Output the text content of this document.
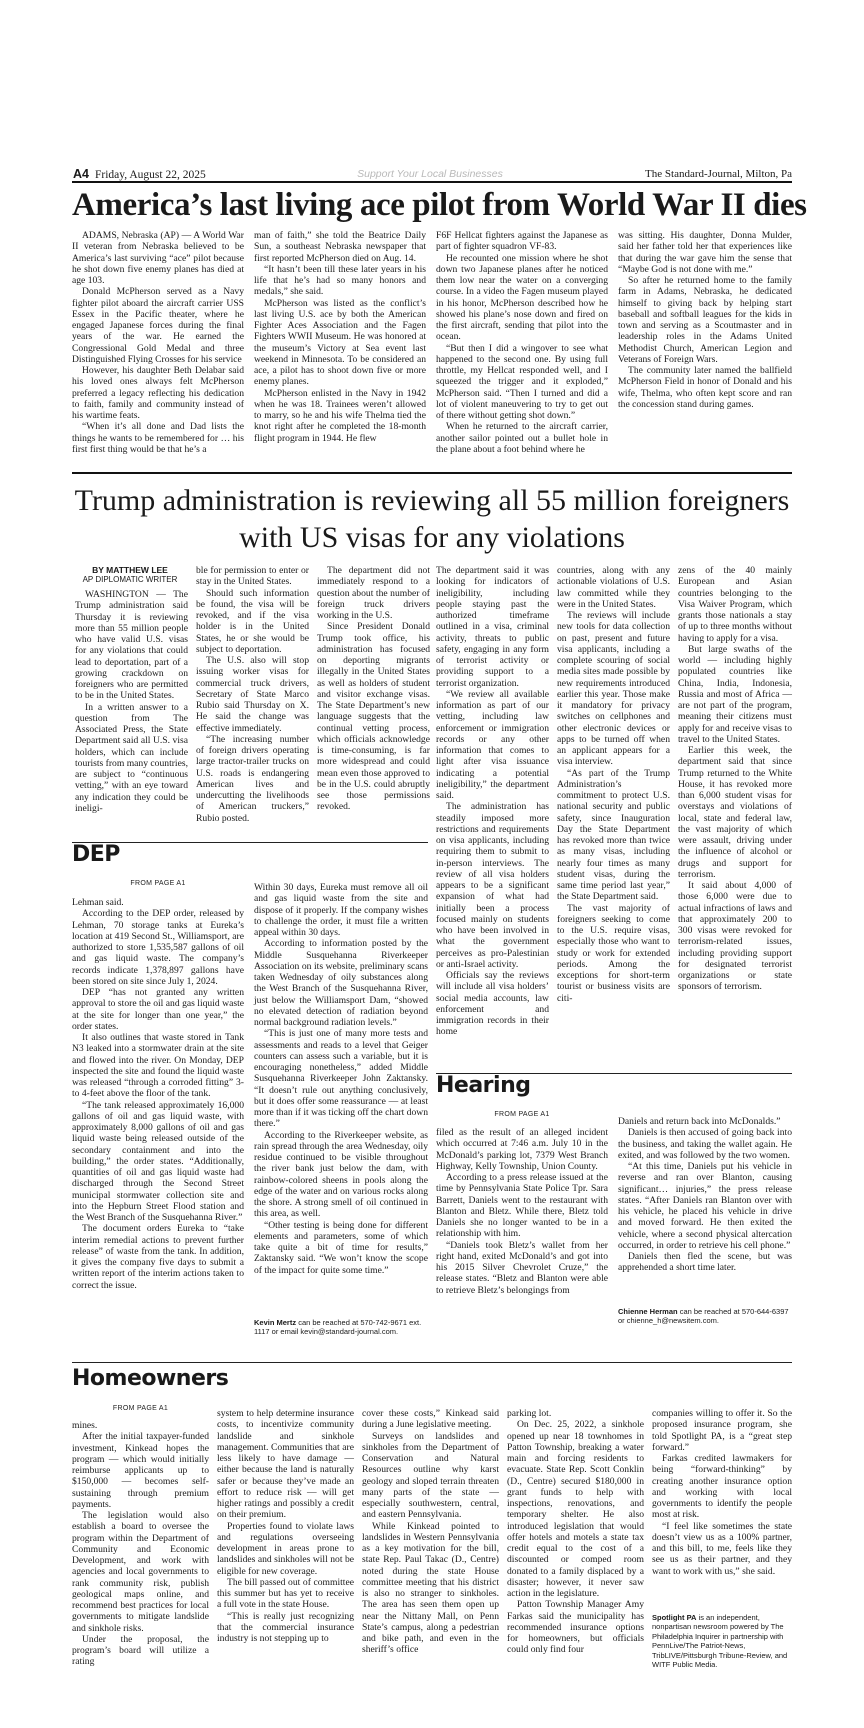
A4 Friday, August 22, 2025	Support Your Local Businesses	The Standard-Journal, Milton, Pa
America’s last living ace pilot from World War II dies

ADAMS, Nebraska (AP) — A World War II veteran from Nebraska believed to be America’s last surviving “ace” pilot because he shot down five enemy planes has died at age 103.

Donald McPherson served as a Navy fighter pilot aboard the aircraft carrier USS Essex in the Pacific theater, where he engaged Japanese forces during the final years of the war. He earned the Congressional Gold Medal and three Distinguished Flying Crosses for his service

However, his daughter Beth Delabar said his loved ones always felt McPherson preferred a legacy reflecting his dedication to faith, family and community instead of his wartime feats.

“When it’s all done and Dad lists the things he wants to be remembered for … his first first thing would be that he’s a

man of faith,” she told the Beatrice Daily Sun, a southeast Nebraska newspaper that first reported McPherson died on Aug. 14.

“It hasn’t been till these later years in his life that he’s had so many honors and medals,” she said.

McPherson was listed as the conflict’s last living U.S. ace by both the American Fighter Aces Association and the Fagen Fighters WWII Museum. He was honored at the museum’s Victory at Sea event last weekend in Minnesota. To be considered an ace, a pilot has to shoot down five or more enemy planes.

McPherson enlisted in the Navy in 1942 when he was 18. Trainees weren’t allowed to marry, so he and his wife Thelma tied the knot right after he completed the 18-month flight program in 1944. He flew

F6F Hellcat fighters against the Japanese as part of fighter squadron VF-83.

He recounted one mission where he shot down two Japanese planes after he noticed them low near the water on a converging course. In a video the Fagen museum played in his honor, McPherson described how he showed his plane’s nose down and fired on the first aircraft, sending that pilot into the ocean.

“But then I did a wingover to see what happened to the second one. By using full throttle, my Hellcat responded well, and I squeezed the trigger and it exploded,” McPherson said. “Then I turned and did a lot of violent maneuvering to try to get out of there without getting shot down.”

When he returned to the aircraft carrier, another sailor pointed out a bullet hole in the plane about a foot behind where he

was sitting. His daughter, Donna Mulder, said her father told her that experiences like that during the war gave him the sense that “Maybe God is not done with me.”

So after he returned home to the family farm in Adams, Nebraska, he dedicated himself to giving back by helping start baseball and softball leagues for the kids in town and serving as a Scoutmaster and in leadership roles in the Adams United Methodist Church, American Legion and Veterans of Foreign Wars.

The community later named the ballfield McPherson Field in honor of Donald and his wife, Thelma, who often kept score and ran the concession stand during games.

Trump administration is reviewing all 55 million foreigners
with US visas for any violations
BY MATTHEW LEE
AP DIPLOMATIC WRITER

WASHINGTON — The Trump administration said Thursday it is reviewing more than 55 million people who have valid U.S. visas for any violations that could lead to deportation, part of a growing crackdown on foreigners who are permitted to be in the United States.

In a written answer to a question from The Associated Press, the State Department said all U.S. visa holders, which can include tourists from many countries, are subject to “continuous vetting,” with an eye toward any indication they could be ineligi-

ble for permission to enter or stay in the United States.

Should such information be found, the visa will be revoked, and if the visa holder is in the United States, he or she would be subject to deportation.

The U.S. also will stop issuing worker visas for commercial truck drivers, Secretary of State Marco Rubio said Thursday on X. He said the change was effective immediately.

“The increasing number of foreign drivers operating large tractor-trailer trucks on U.S. roads is endangering American lives and undercutting the livelihoods of American truckers,” Rubio posted.

The department did not immediately respond to a question about the number of foreign truck drivers working in the U.S.

Since President Donald Trump took office, his administration has focused on deporting migrants illegally in the United States as well as holders of student and visitor exchange visas. The State Department’s new language suggests that the continual vetting process, which officials acknowledge is time-consuming, is far more widespread and could mean even those approved to be in the U.S. could abruptly see those permissions revoked.

The department said it was looking for indicators of ineligibility, including people staying past the authorized timeframe outlined in a visa, criminal activity, threats to public safety, engaging in any form of terrorist activity or providing support to a terrorist organization.

“We review all available information as part of our vetting, including law enforcement or immigration records or any other information that comes to light after visa issuance indicating a potential ineligibility,” the department said.

The administration has steadily imposed more restrictions and requirements on visa applicants, including requiring them to submit to in-person interviews. The review of all visa holders appears to be a significant expansion of what had initially been a process focused mainly on students who have been involved in what the government perceives as pro-Palestinian or anti-Israel activity.

Officials say the reviews will include all visa holders’ social media accounts, law enforcement and immigration records in their home

countries, along with any actionable violations of U.S. law committed while they were in the United States.

The reviews will include new tools for data collection on past, present and future visa applicants, including a complete scouring of social media sites made possible by new requirements introduced earlier this year. Those make it mandatory for privacy switches on cellphones and other electronic devices or apps to be turned off when an applicant appears for a visa interview.

“As part of the Trump Administration’s commitment to protect U.S. national security and public safety, since Inauguration Day the State Department has revoked more than twice as many visas, including nearly four times as many student visas, during the same time period last year,” the State Department said.

The vast majority of foreigners seeking to come to the U.S. require visas, especially those who want to study or work for extended periods. Among the exceptions for short-term tourist or business visits are citi-

zens of the 40 mainly European and Asian countries belonging to the Visa Waiver Program, which grants those nationals a stay of up to three months without having to apply for a visa.

But large swaths of the world — including highly populated countries like China, India, Indonesia, Russia and most of Africa — are not part of the program, meaning their citizens must apply for and receive visas to travel to the United States.

Earlier this week, the department said that since Trump returned to the White House, it has revoked more than 6,000 student visas for overstays and violations of local, state and federal law, the vast majority of which were assault, driving under the influence of alcohol or drugs and support for terrorism.

It said about 4,000 of those 6,000 were due to actual infractions of laws and that approximately 200 to 300 visas were revoked for terrorism-related issues, including providing support for designated terrorist organizations or state sponsors of terrorism.

DEP
FROM PAGE A1

Lehman said.

According to the DEP order, released by Lehman, 70 storage tanks at Eureka’s location at 419 Second St., Williamsport, are authorized to store 1,535,587 gallons of oil and gas liquid waste. The company’s records indicate 1,378,897 gallons have been stored on site since July 1, 2024.

DEP “has not granted any written approval to store the oil and gas liquid waste at the site for longer than one year,” the order states.

It also outlines that waste stored in Tank N3 leaked into a stormwater drain at the site and flowed into the river. On Monday, DEP inspected the site and found the liquid waste was released “through a corroded fitting” 3- to 4-feet above the floor of the tank.

“The tank released approximately 16,000 gallons of oil and gas liquid waste, with approximately 8,000 gallons of oil and gas liquid waste being released outside of the secondary containment and into the building,” the order states. “Additionally, quantities of oil and gas liquid waste had discharged through the Second Street municipal stormwater collection site and into the Hepburn Street Flood station and the West Branch of the Susquehanna River.”

The document orders Eureka to “take interim remedial actions to prevent further release” of waste from the tank. In addition, it gives the company five days to submit a written report of the interim actions taken to correct the issue.

Within 30 days, Eureka must remove all oil and gas liquid waste from the site and dispose of it properly. If the company wishes to challenge the order, it must file a written appeal within 30 days.

According to information posted by the Middle Susquehanna Riverkeeper Association on its website, preliminary scans taken Wednesday of oily substances along the West Branch of the Susquehanna River, just below the Williamsport Dam, “showed no elevated detection of radiation beyond normal background radiation levels.”

“This is just one of many more tests and assessments and reads to a level that Geiger counters can assess such a variable, but it is encouraging nonetheless,” added Middle Susquehanna Riverkeeper John Zaktansky. “It doesn’t rule out anything conclusively, but it does offer some reassurance — at least more than if it was ticking off the chart down there.”

According to the Riverkeeper website, as rain spread through the area Wednesday, oily residue continued to be visible throughout the river bank just below the dam, with rainbow-colored sheens in pools along the edge of the water and on various rocks along the shore. A strong smell of oil continued in this area, as well.

“Other testing is being done for different elements and parameters, some of which take quite a bit of time for results,” Zaktansky said. “We won’t know the scope of the impact for quite some time.”

Kevin Mertz can be reached at 570-742-9671 ext. 1117 or email kevin@standard-journal.com.
Hearing
FROM PAGE A1

filed as the result of an alleged incident which occurred at 7:46 a.m. July 10 in the McDonald’s parking lot, 7379 West Branch Highway, Kelly Township, Union County.

According to a press release issued at the time by Pennsylvania State Police Tpr. Sara Barrett, Daniels went to the restaurant with Blanton and Bletz. While there, Bletz told Daniels she no longer wanted to be in a relationship with him.

“Daniels took Bletz’s wallet from her right hand, exited McDonald’s and got into his 2015 Silver Chevrolet Cruze,” the release states. “Bletz and Blanton were able to retrieve Bletz’s belongings from

Daniels and return back into McDonalds.”

Daniels is then accused of going back into the business, and taking the wallet again. He exited, and was followed by the two women.

“At this time, Daniels put his vehicle in reverse and ran over Blanton, causing significant… injuries,” the press release states. “After Daniels ran Blanton over with his vehicle, he placed his vehicle in drive and moved forward. He then exited the vehicle, where a second physical altercation occurred, in order to retrieve his cell phone.”

Daniels then fled the scene, but was apprehended a short time later.

Chienne Herman can be reached at 570-644-6397 or chienne_h@newsitem.com.
Homeowners
FROM PAGE A1

mines.

After the initial taxpayer-funded investment, Kinkead hopes the program — which would initially reimburse applicants up to $150,000 — becomes self-sustaining through premium payments.

The legislation would also establish a board to oversee the program within the Department of Community and Economic Development, and work with agencies and local governments to rank community risk, publish geological maps online, and recommend best practices for local governments to mitigate landslide and sinkhole risks.

Under the proposal, the program’s board will utilize a rating

system to help determine insurance costs, to incentivize community landslide and sinkhole management. Communities that are less likely to have damage — either because the land is naturally safer or because they’ve made an effort to reduce risk — will get higher ratings and possibly a credit on their premium.

Properties found to violate laws and regulations overseeing development in areas prone to landslides and sinkholes will not be eligible for new coverage.

The bill passed out of committee this summer but has yet to receive a full vote in the state House.

“This is really just recognizing that the commercial insurance industry is not stepping up to

cover these costs,” Kinkead said during a June legislative meeting.

Surveys on landslides and sinkholes from the Department of Conservation and Natural Resources outline why karst geology and sloped terrain threaten many parts of the state — especially southwestern, central, and eastern Pennsylvania.

While Kinkead pointed to landslides in Western Pennsylvania as a key motivation for the bill, state Rep. Paul Takac (D., Centre) noted during the state House committee meeting that his district is also no stranger to sinkholes. The area has seen them open up near the Nittany Mall, on Penn State’s campus, along a pedestrian and bike path, and even in the sheriff’s office

parking lot.

On Dec. 25, 2022, a sinkhole opened up near 18 townhomes in Patton Township, breaking a water main and forcing residents to evacuate. State Rep. Scott Conklin (D., Centre) secured $180,000 in grant funds to help with inspections, renovations, and temporary shelter. He also introduced legislation that would offer hotels and motels a state tax credit equal to the cost of a discounted or comped room donated to a family displaced by a disaster; however, it never saw action in the legislature.

Patton Township Manager Amy Farkas said the municipality has recommended insurance options for homeowners, but officials could only find four

companies willing to offer it. So the proposed insurance program, she told Spotlight PA, is a “great step forward.”

Farkas credited lawmakers for being “forward-thinking” by creating another insurance option and working with local governments to identify the people most at risk.

“I feel like sometimes the state doesn’t view us as a 100% partner, and this bill, to me, feels like they see us as their partner, and they want to work with us,” she said.

Spotlight PA is an independent, nonpartisan newsroom powered by The Philadelphia Inquirer in partnership with PennLive/The Patriot-News, TribLIVE/Pittsburgh Tribune-Review, and WITF Public Media.
